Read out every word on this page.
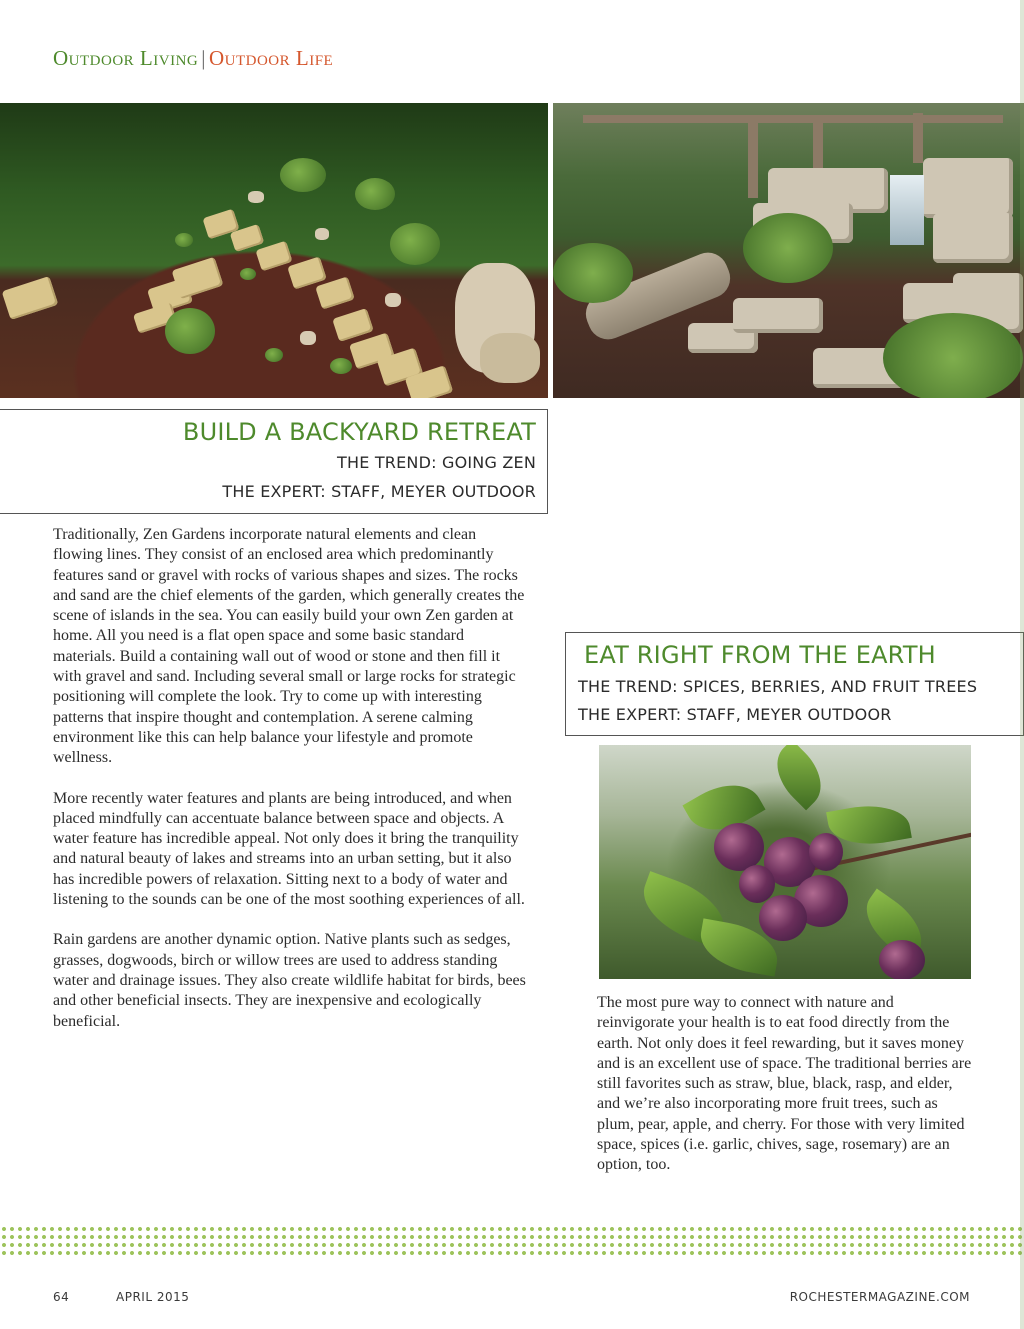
Outdoor Living | Outdoor Life
BUILD A BACKYARD RETREAT
THE TREND: GOING ZEN
THE EXPERT: STAFF, MEYER OUTDOOR

Traditionally, Zen Gardens incorporate natural elements and clean flowing lines. They consist of an enclosed area which predominantly features sand or gravel with rocks of various shapes and sizes. The rocks and sand are the chief elements of the garden, which generally creates the scene of islands in the sea. You can easily build your own Zen garden at home. All you need is a flat open space and some basic standard materials. Build a containing wall out of wood or stone and then fill it with gravel and sand. Including several small or large rocks for strategic positioning will complete the look. Try to come up with interesting patterns that inspire thought and contemplation. A serene calming environment like this can help balance your lifestyle and promote wellness.

More recently water features and plants are being introduced, and when placed mindfully can accentuate balance between space and objects. A water feature has incredible appeal. Not only does it bring the tranquility and natural beauty of lakes and streams into an urban setting, but it also has incredible powers of relaxation. Sitting next to a body of water and listening to the sounds can be one of the most soothing experiences of all.

Rain gardens are another dynamic option. Native plants such as sedges, grasses, dogwoods, birch or willow trees are used to address standing water and drainage issues. They also create wildlife habitat for birds, bees and other beneficial insects. They are inexpensive and ecologically beneficial.

EAT RIGHT FROM THE EARTH
THE TREND: SPICES, BERRIES, AND FRUIT TREES
THE EXPERT: STAFF, MEYER OUTDOOR

The most pure way to connect with nature and reinvigorate your health is to eat food directly from the earth. Not only does it feel rewarding, but it saves money and is an excellent use of space. The traditional berries are still favorites such as straw, blue, black, rasp, and elder, and we’re also incorporating more fruit trees, such as plum, pear, apple, and cherry. For those with very limited space, spices (i.e. garlic, chives, sage, rosemary) are an option, too.

64	APRIL 2015	ROCHESTERMAGAZINE.COM
